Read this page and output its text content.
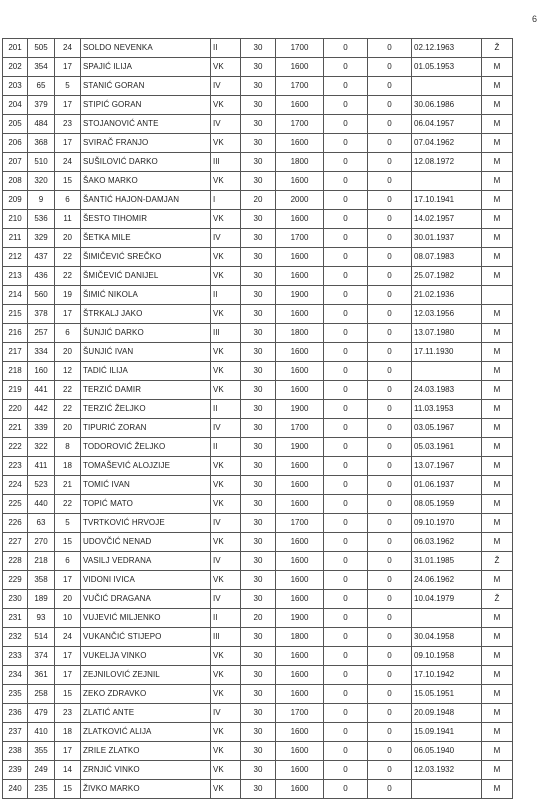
6
201	505	24	SOLDO NEVENKA	II	30	1700	0	0	02.12.1963	Ž
202	354	17	SPAJIĆ ILIJA	VK	30	1600	0	0	01.05.1953	M
203	65	5	STANIĆ GORAN	IV	30	1700	0	0		M
204	379	17	STIPIĆ GORAN	VK	30	1600	0	0	30.06.1986	M
205	484	23	STOJANOVIĆ ANTE	IV	30	1700	0	0	06.04.1957	M
206	368	17	SVIRAČ FRANJO	VK	30	1600	0	0	07.04.1962	M
207	510	24	SUŠILOVIĆ DARKO	III	30	1800	0	0	12.08.1972	M
208	320	15	ŠAKO MARKO	VK	30	1600	0	0		M
209	9	6	ŠANTIĆ HAJON-DAMJAN	I	20	2000	0	0	17.10.1941	M
210	536	11	ŠESTO TIHOMIR	VK	30	1600	0	0	14.02.1957	M
211	329	20	ŠETKA MILE	IV	30	1700	0	0	30.01.1937	M
212	437	22	ŠIMIČEVIĆ SREČKO	VK	30	1600	0	0	08.07.1983	M
213	436	22	ŠMIČEVIĆ DANIJEL	VK	30	1600	0	0	25.07.1982	M
214	560	19	ŠIMIĆ NIKOLA	II	30	1900	0	0	21.02.1936	
215	378	17	ŠTRKALJ JAKO	VK	30	1600	0	0	12.03.1956	M
216	257	6	ŠUNJIĆ DARKO	III	30	1800	0	0	13.07.1980	M
217	334	20	ŠUNJIĆ IVAN	VK	30	1600	0	0	17.11.1930	M
218	160	12	TADIĆ ILIJA	VK	30	1600	0	0		M
219	441	22	TERZIĆ DAMIR	VK	30	1600	0	0	24.03.1983	M
220	442	22	TERZIĆ ŽELJKO	II	30	1900	0	0	11.03.1953	M
221	339	20	TIPURIĆ ZORAN	IV	30	1700	0	0	03.05.1967	M
222	322	8	TODOROVIĆ ŽELJKO	II	30	1900	0	0	05.03.1961	M
223	411	18	TOMAŠEVIĆ ALOJZIJE	VK	30	1600	0	0	13.07.1967	M
224	523	21	TOMIĆ IVAN	VK	30	1600	0	0	01.06.1937	M
225	440	22	TOPIĆ MATO	VK	30	1600	0	0	08.05.1959	M
226	63	5	TVRTKOVIĆ HRVOJE	IV	30	1700	0	0	09.10.1970	M
227	270	15	UDOVČIĆ NENAD	VK	30	1600	0	0	06.03.1962	M
228	218	6	VASILJ VEDRANA	IV	30	1600	0	0	31.01.1985	Ž
229	358	17	VIDONI IVICA	VK	30	1600	0	0	24.06.1962	M
230	189	20	VUČIĆ DRAGANA	IV	30	1600	0	0	10.04.1979	Ž
231	93	10	VUJEVIĆ MILJENKO	II	20	1900	0	0		M
232	514	24	VUKANČIĆ STIJEPO	III	30	1800	0	0	30.04.1958	M
233	374	17	VUKELJA VINKO	VK	30	1600	0	0	09.10.1958	M
234	361	17	ZEJNILOVIĆ ZEJNIL	VK	30	1600	0	0	17.10.1942	M
235	258	15	ZEKO ZDRAVKO	VK	30	1600	0	0	15.05.1951	M
236	479	23	ZLATIĆ ANTE	IV	30	1700	0	0	20.09.1948	M
237	410	18	ZLATKOVIĆ ALIJA	VK	30	1600	0	0	15.09.1941	M
238	355	17	ZRILE ZLATKO	VK	30	1600	0	0	06.05.1940	M
239	249	14	ZRNJIĆ VINKO	VK	30	1600	0	0	12.03.1932	M
240	235	15	ŽIVKO MARKO	VK	30	1600	0	0		M
